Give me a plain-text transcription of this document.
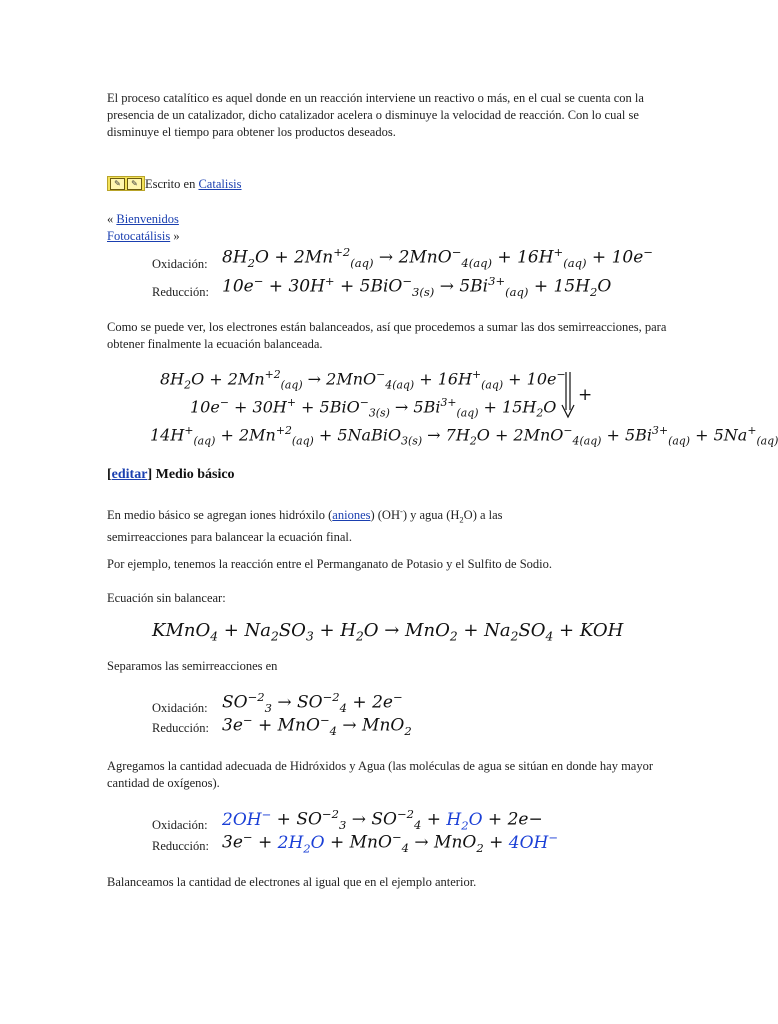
El proceso catalítico es aquel donde en un reacción interviene un reactivo o más, en el cual se cuenta con la presencia de un catalizador, dicho catalizador acelera o disminuye la velocidad de reacción. Con lo cual se disminuye el tiempo para obtener los productos deseados.
✎	✎ Escrito en Catalisis
« Bienvenidos
Fotocatálisis »
Oxidación: $8H_2O + 2Mn^{+2}_{(aq)} \to 2MnO^-_{4(aq)} + 16H^+_{(aq)} + 10e^-$
Reducción: $10e^- + 30H^+ + 5BiO^-_{3(s)} \to 5Bi^{3+}_{(aq)} + 15H_2O$
Como se puede ver, los electrones están balanceados, así que procedemos a sumar las dos semirreacciones, para obtener finalmente la ecuación balanceada.
$8H_2O + 2Mn^{+2}_{(aq)} \to 2MnO^-_{4(aq)} + 16H^+_{(aq)} + 10e^-$
$10e^- + 30H^+ + 5BiO^-_{3(s)} \to 5Bi^{3+}_{(aq)} + 15H_2O$
+
$14H^+_{(aq)} + 2Mn^{+2}_{(aq)}$ + 5NaBiO$_{3(s)}$ → $7H_2O + 2MnO^-_{4(aq)} + 5Bi^{3+}_{(aq)} + 5Na^+_{(aq)}$
[editar] Medio básico
En medio básico se agregan iones hidróxilo (aniones) (OH-) y agua $(H_2O)$ a las
semirreacciones para balancear la ecuación final.
Por ejemplo, tenemos la reacción entre el Permanganato de Potasio y el Sulfito de Sodio.
Ecuación sin balancear:
KMnO$_4$ + $Na_2SO_3 + H_2O \to MnO_2 + Na_2SO_4$ + KOH
Separamos las semirreacciones en
Oxidación: $SO^{-2}_3 \to SO^{-2}_4 + 2e^-$
Reducción: 3e− + MnO−$_4$ → MnO$_2$
Agregamos la cantidad adecuada de Hidróxidos y Agua (las moléculas de agua se sitúan en donde hay mayor cantidad de oxígenos).
Oxidación: $2OH^- + SO^{-2}_3 \to SO^{-2}_4 + H_2O + 2e-$
Reducción: $3e^- + 2H_2O + MnO^-_4 \to MnO_2 + 4OH^-$
Balanceamos la cantidad de electrones al igual que en el ejemplo anterior.
